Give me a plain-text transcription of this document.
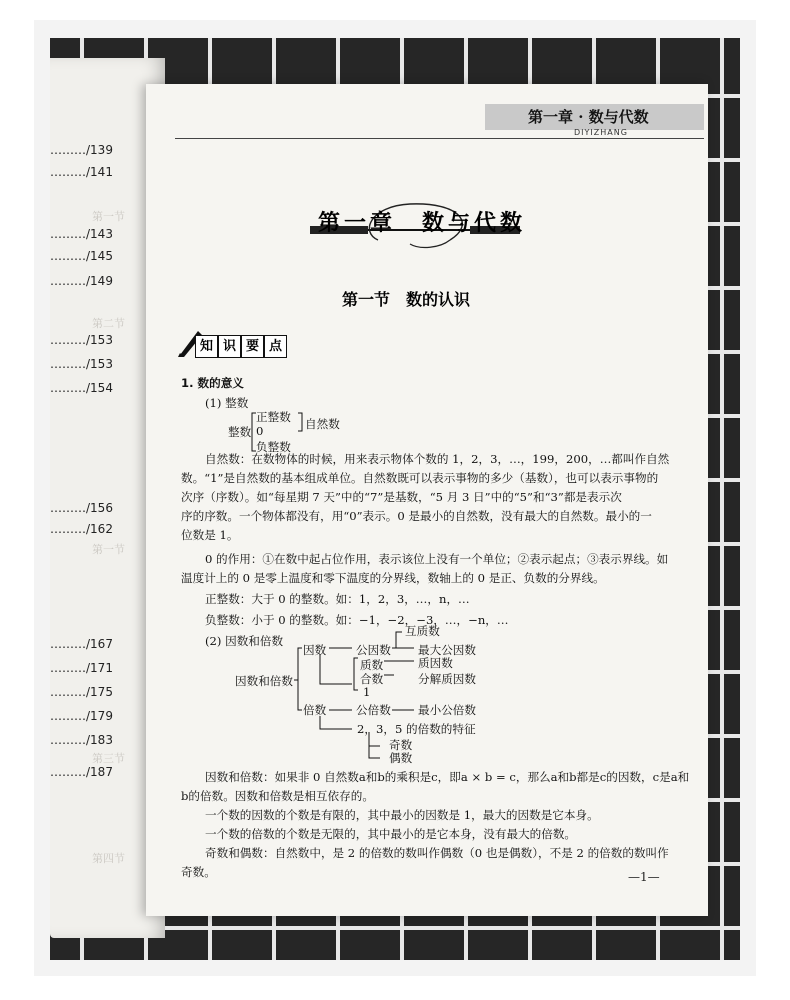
………/139
………/141
第一节
………/143
………/145
………/149
第二节
………/153
………/153
………/154
………/156
………/162
第一节
………/167
………/171
………/175
………/179
………/183
第三节
………/187
第四节
第一章 · 数与代数
DIYIZHANG
第一章　数与代数
第一节　数的认识
知 识 要 点
1. 数的意义
(1) 整数
整数
正整数
0
负整数
自然数
自然数：在数物体的时候，用来表示物体个数的 1，2，3，…，199，200，…都叫作自然
数。“1”是自然数的基本组成单位。自然数既可以表示事物的多少（基数），也可以表示事物的
次序（序数）。如“每星期 7 天”中的“7”是基数，“5 月 3 日”中的“5”和“3”都是表示次
序的序数。一个物体都没有，用“0”表示。0 是最小的自然数，没有最大的自然数。最小的一
位数是 1。
0 的作用：①在数中起占位作用，表示该位上没有一个单位；②表示起点；③表示界线。如
温度计上的 0 是零上温度和零下温度的分界线，数轴上的 0 是正、负数的分界线。
正整数：大于 0 的整数。如：1，2，3，…，n，…
负整数：小于 0 的整数。如：−1，−2，−3，…，−n，…
(2) 因数和倍数
因数和倍数
因数
倍数
公因数
互质数
最大公因数
质数
合数
1
质因数
分解质因数
公倍数 最小公倍数
2，3，5 的倍数的特征
奇数
偶数
因数和倍数：如果非 0 自然数a和b的乘积是c，即a × b = c，那么a和b都是c的因数，c是a和
b的倍数。因数和倍数是相互依存的。
一个数的因数的个数是有限的，其中最小的因数是 1，最大的因数是它本身。
一个数的倍数的个数是无限的，其中最小的是它本身，没有最大的倍数。
奇数和偶数：自然数中，是 2 的倍数的数叫作偶数（0 也是偶数），不是 2 的倍数的数叫作
奇数。	—1—
